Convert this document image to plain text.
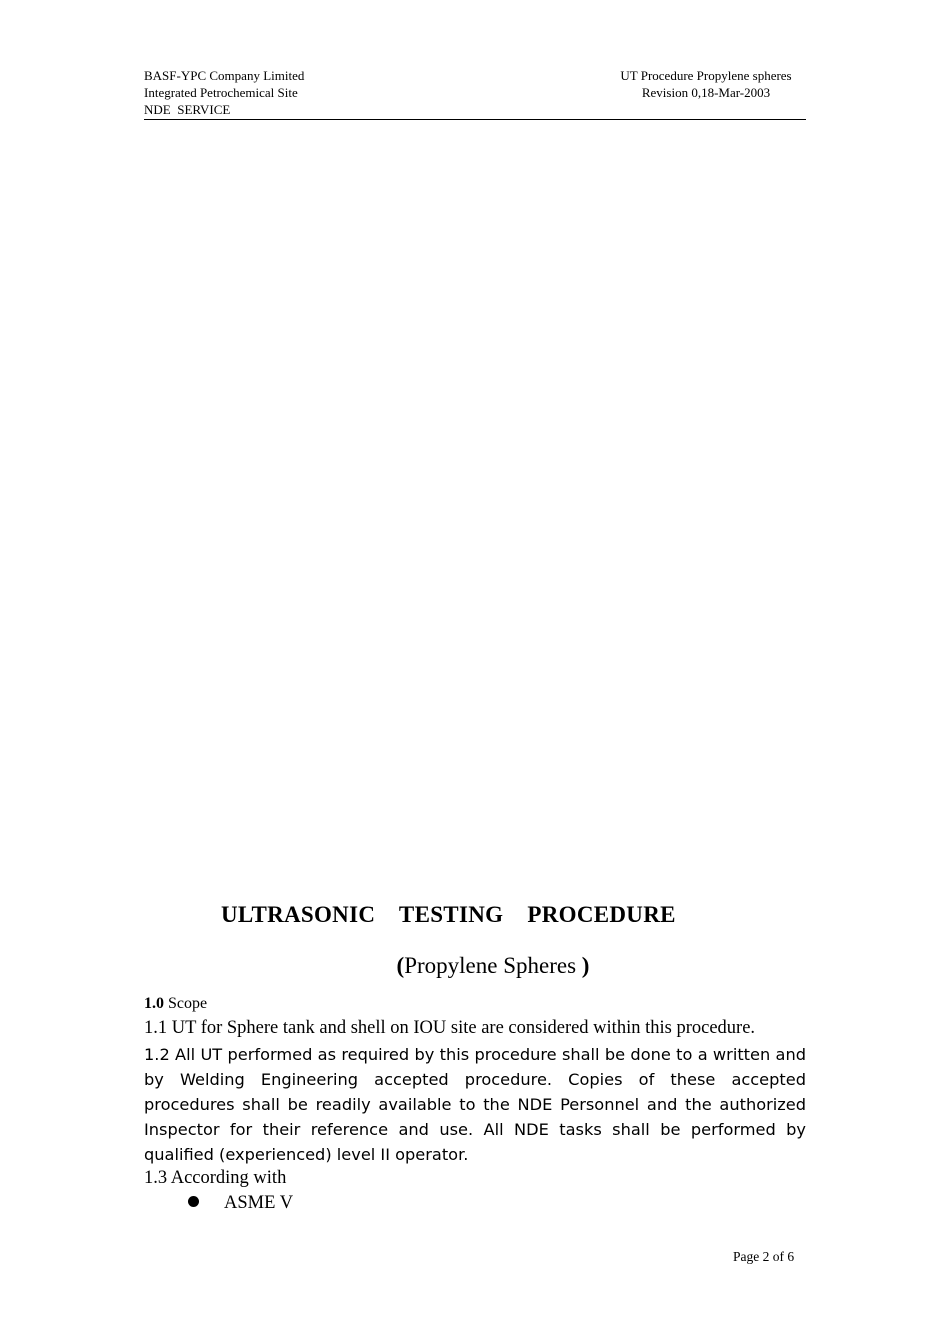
BASF-YPC Company Limited
Integrated Petrochemical Site
NDE  SERVICE
UT Procedure Propylene spheres
Revision 0,18-Mar-2003
ULTRASONIC  TESTING  PROCEDURE
(Propylene Spheres )
1.0 Scope
1.1 UT for Sphere tank and shell on IOU site are considered within this procedure.
1.2 All UT performed as required by this procedure shall be done to a written and by Welding Engineering accepted procedure. Copies of these accepted procedures shall be readily available to the NDE Personnel and the authorized Inspector for their reference and use. All NDE tasks shall be performed by qualified (experienced) level II operator.
1.3 According with
ASME V
Page 2 of 6
